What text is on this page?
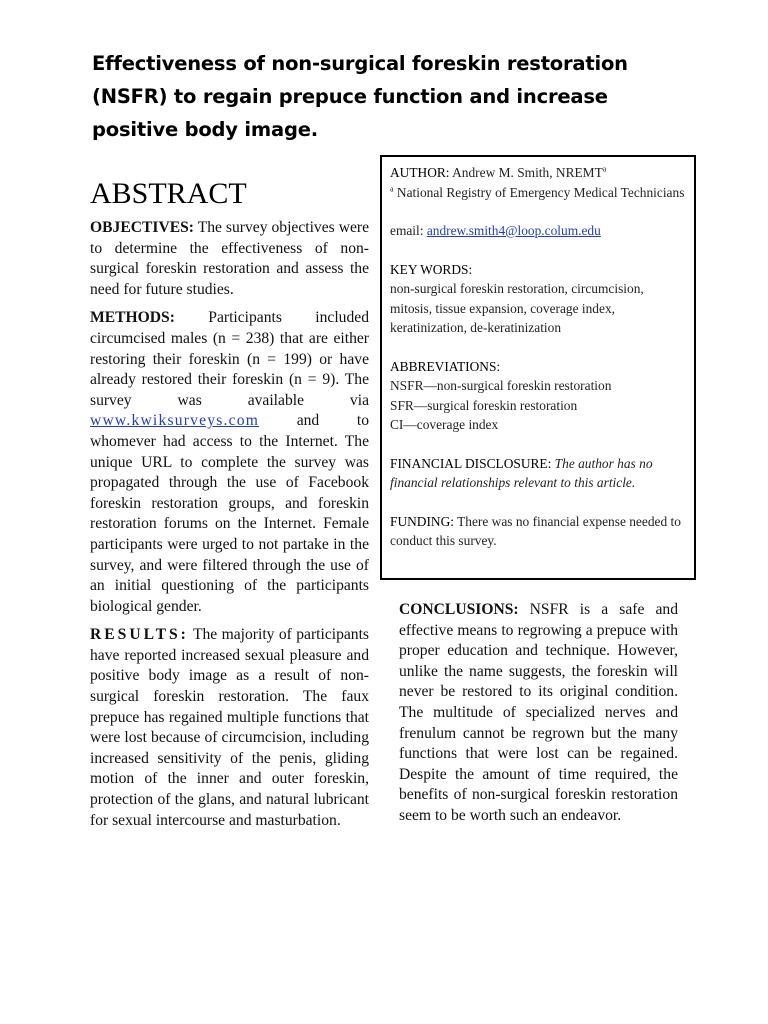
Effectiveness of non-surgical foreskin restoration (NSFR) to regain prepuce function and increase positive body image.
ABSTRACT

OBJECTIVES: The survey objectives were to determine the effectiveness of non-surgical foreskin restoration and assess the need for future studies.

METHODS: Participants included circumcised males (n = 238) that are either restoring their foreskin (n = 199) or have already restored their foreskin (n = 9). The survey was available via www.kwiksurveys.com and to whomever had access to the Internet. The unique URL to complete the survey was propagated through the use of Facebook foreskin restoration groups, and foreskin restoration forums on the Internet. Female participants were urged to not partake in the survey, and were filtered through the use of an initial questioning of the participants biological gender.

RESULTS: The majority of participants have reported increased sexual pleasure and positive body image as a result of non-surgical foreskin restoration. The faux prepuce has regained multiple functions that were lost because of circumcision, including increased sensitivity of the penis, gliding motion of the inner and outer foreskin, protection of the glans, and natural lubricant for sexual intercourse and masturbation.

AUTHOR: Andrew M. Smith, NREMT$^a$
$^a$ National Registry of Emergency Medical Technicians
email: andrew.smith4@loop.colum.edu
KEY WORDS:
non-surgical foreskin restoration, circumcision, mitosis, tissue expansion, coverage index, keratinization, de-keratinization
ABBREVIATIONS:
NSFR—non-surgical foreskin restoration
SFR—surgical foreskin restoration
CI—coverage index
FINANCIAL DISCLOSURE: The author has no financial relationships relevant to this article.
FUNDING: There was no financial expense needed to conduct this survey.

CONCLUSIONS: NSFR is a safe and effective means to regrowing a prepuce with proper education and technique. However, unlike the name suggests, the foreskin will never be restored to its original condition. The multitude of specialized nerves and frenulum cannot be regrown but the many functions that were lost can be regained. Despite the amount of time required, the benefits of non-surgical foreskin restoration seem to be worth such an endeavor.
